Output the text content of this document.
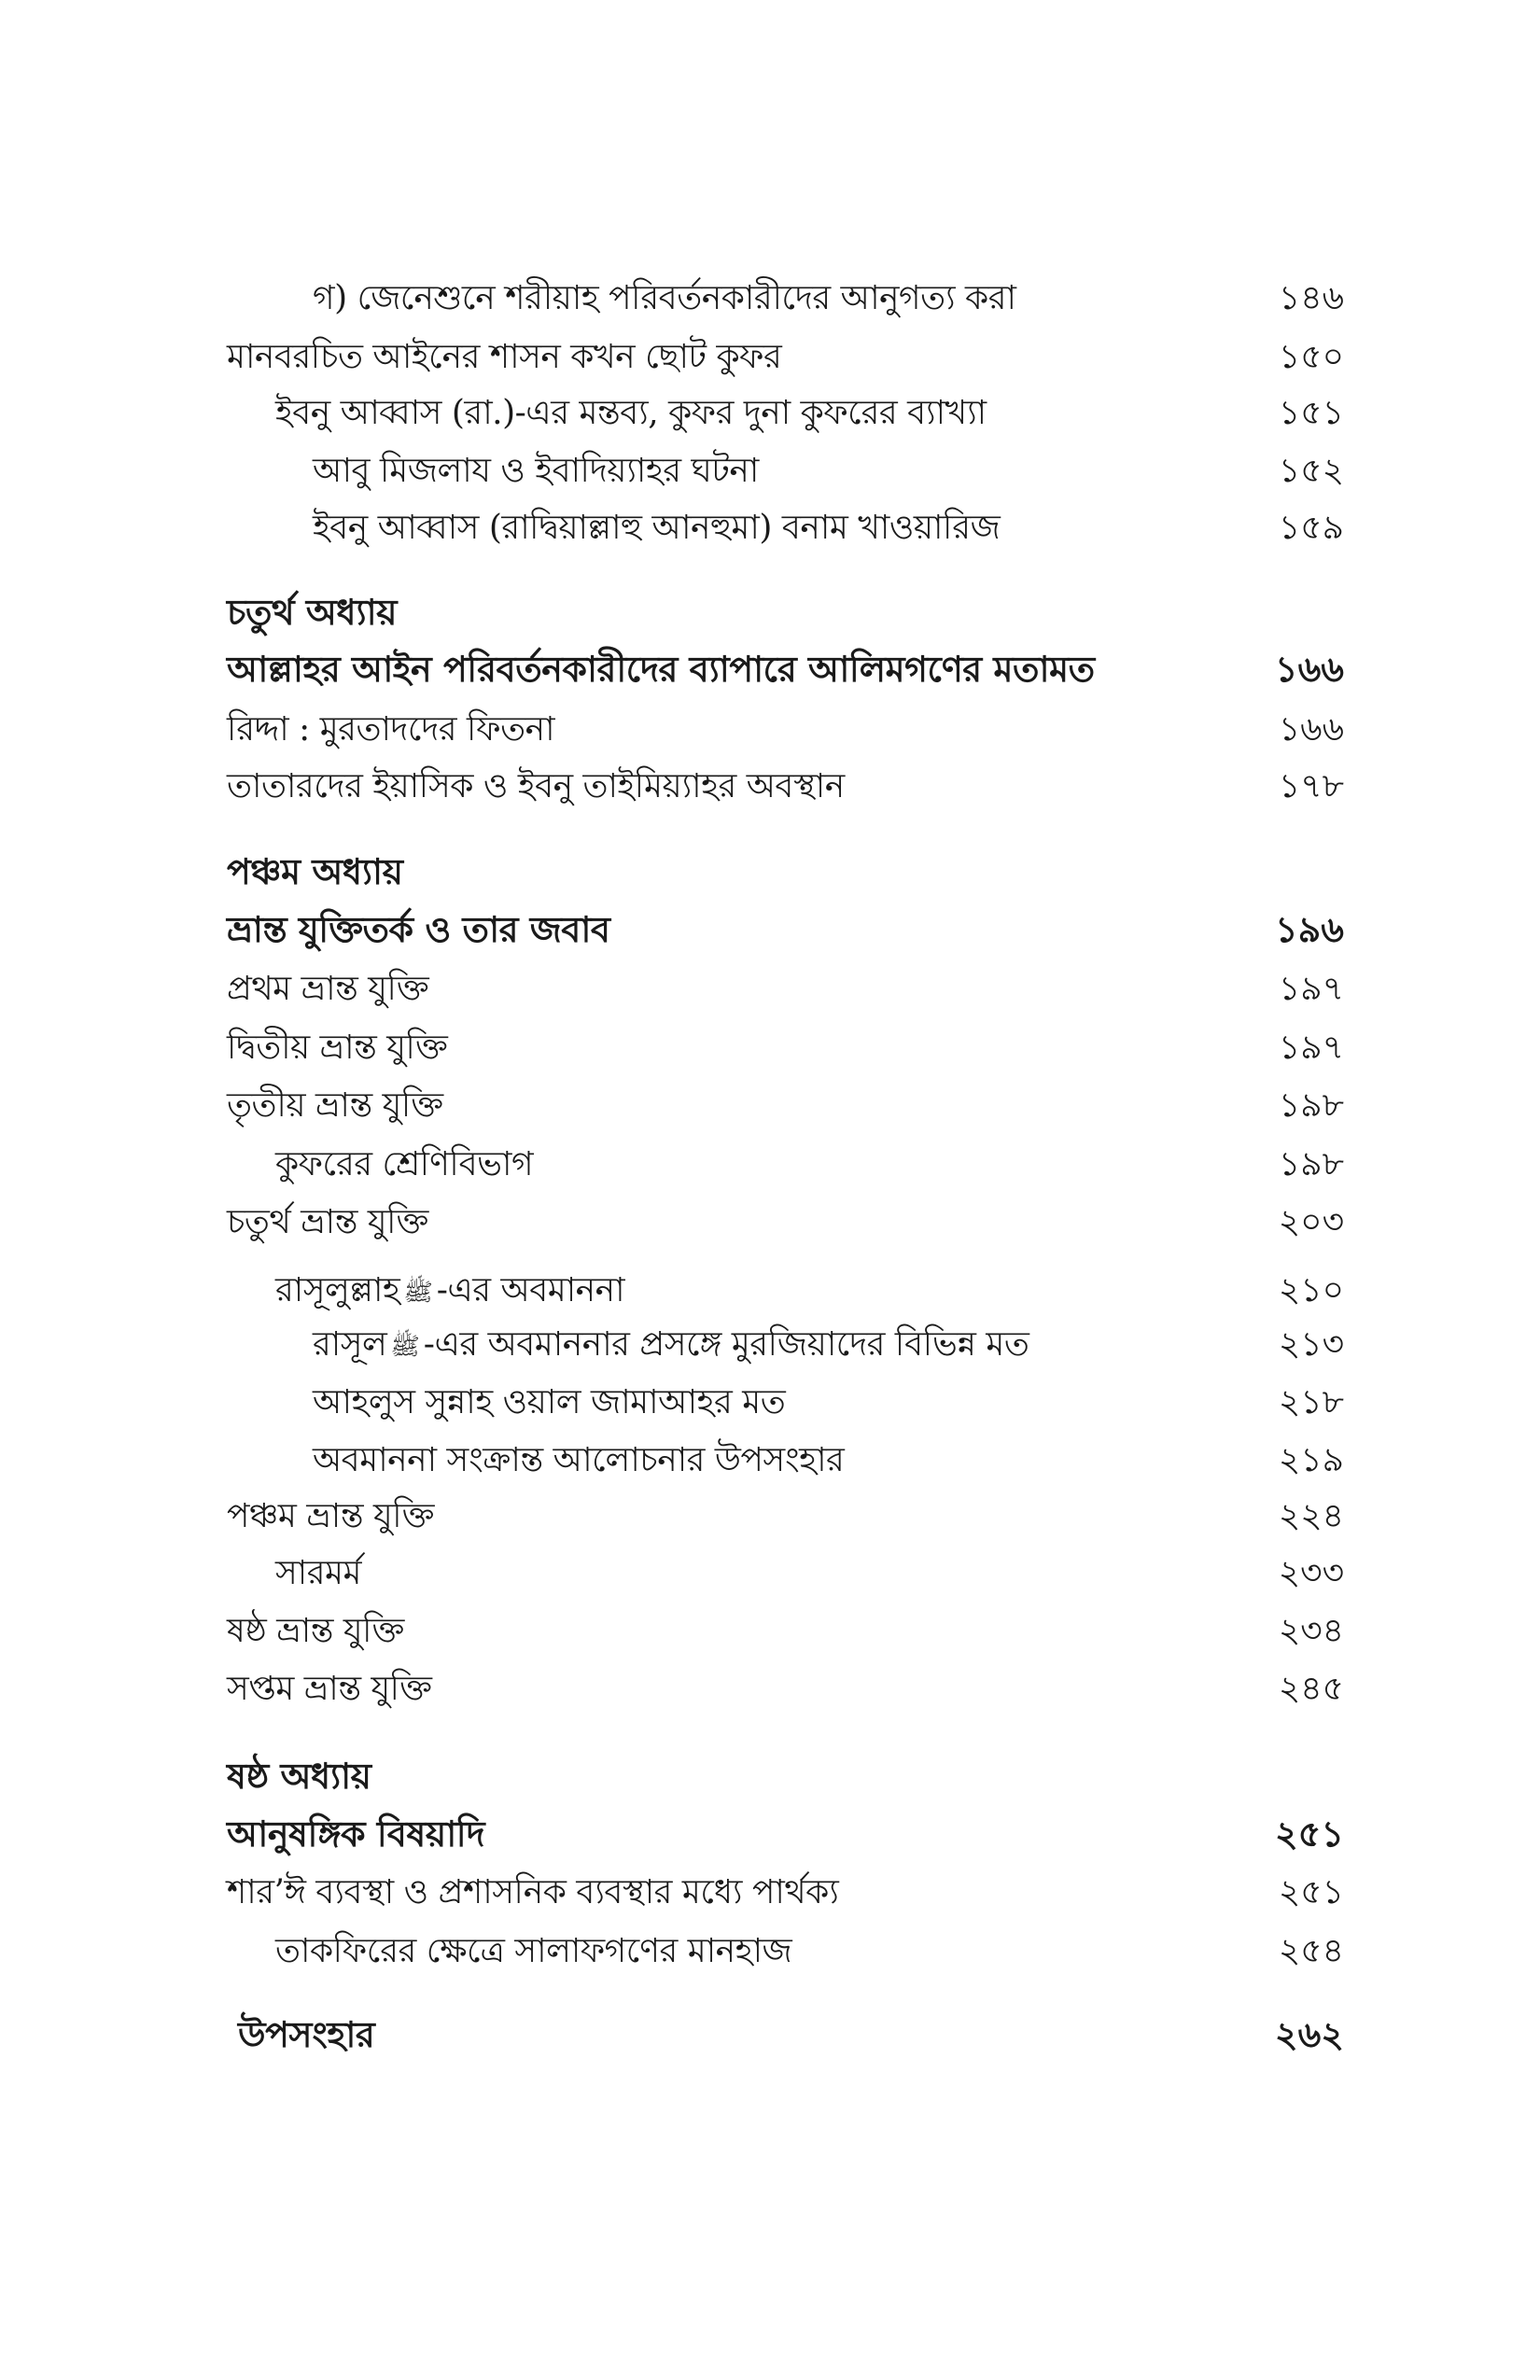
গ) জেনেশুনে শরীয়াহ পরিবর্তনকারীদের আনুগত্য করা	১৪৬
মানবরচিত আইনের শাসন কখন ছোট কুফর	১৫০
ইবনু আব্বাস (রা.)-এর মন্তব্য, কুফর দুনা কুফরের ব্যাখ্যা	১৫১
আবু মিজলায ও ইবাদিয়্যাহর ঘটনা	১৫২
ইবনু আব্বাস (রাদ্বিয়াল্লাহু আনহুমা) বনাম খাওয়ারিজ	১৫৯
চতুর্থ অধ্যায়
আল্লাহর আইন পরিবর্তনকারীদের ব্যাপারে আলিমগণের মতামত	১৬৬
রিদ্দা : মুরতাদদের ফিতনা	১৬৬
তাতারদের ইয়াসিক ও ইবনু তাইমিয়্যাহর অবস্থান	১৭৮
পঞ্চম অধ্যায়
ভ্রান্ত যুক্তিতর্ক ও তার জবাব	১৯৬
প্রথম ভ্রান্ত যুক্তি	১৯৭
দ্বিতীয় ভ্রান্ত যুক্তি	১৯৭
তৃতীয় ভ্রান্ত যুক্তি	১৯৮
কুফরের শ্রেণিবিভাগ	১৯৮
চতুর্থ ভ্রান্ত যুক্তি	২০৩
রাসূলুল্লাহ ﷺ -এর অবমাননা	২১০
রাসূল ﷺ -এর অবমাননার প্রসঙ্গে মুরজিয়াদের বিভিন্ন মত	২১৩
আহলুস সুন্নাহ ওয়াল জামাআহর মত	২১৮
অবমাননা সংক্রান্ত আলোচনার উপসংহার	২১৯
পঞ্চম ভ্রান্ত যুক্তি	২২৪
সারমর্ম	২৩৩
ষষ্ঠ ভ্রান্ত যুক্তি	২৩৪
সপ্তম ভ্রান্ত যুক্তি	২৪৫
ষষ্ঠ অধ্যায়
আনুষঙ্গিক বিষয়াদি	২৫১
শার’ঈ ব্যবস্থা ও প্রশাসনিক ব্যবস্থার মধ্যে পার্থক্য	২৫১
তাকফিরের ক্ষেত্রে সালাফগণের মানহাজ	২৫৪
উপসংহার	২৬২
